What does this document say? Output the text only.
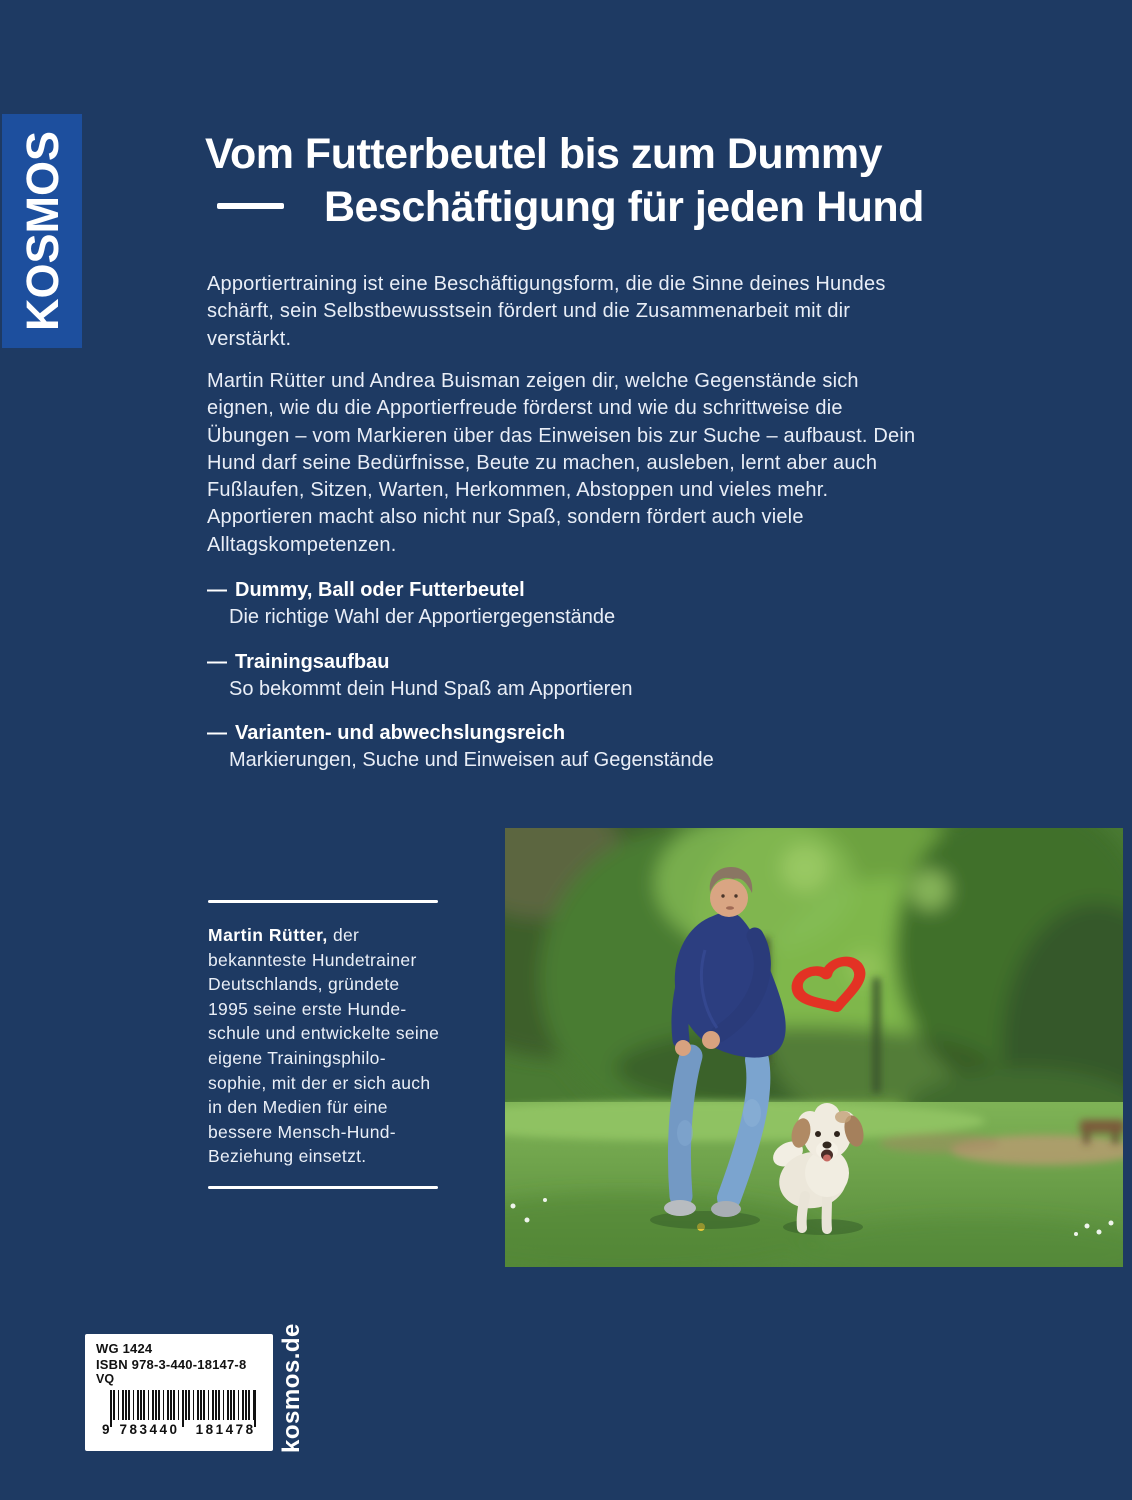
KOSMOS	Vom Futterbeutel bis zum Dummy
Beschäftigung für jeden Hund

Apportiertraining ist eine Beschäftigungsform, die die Sinne deines Hundes schärft, sein Selbstbewusstsein fördert und die Zusammenarbeit mit dir verstärkt.

Martin Rütter und Andrea Buisman zeigen dir, welche Gegenstände sich eignen, wie du die Apportierfreude förderst und wie du schrittweise die Übungen – vom Markieren über das Einweisen bis zur Suche – aufbaust. Dein Hund darf seine Bedürfnisse, Beute zu machen, ausleben, lernt aber auch Fußlaufen, Sitzen, Warten, Herkommen, Abstoppen und vieles mehr. Apportieren macht also nicht nur Spaß, sondern fördert auch viele Alltagskompetenzen.

— Dummy, Ball oder Futterbeutel
Die richtige Wahl der Apportiergegenstände
— Trainingsaufbau
So bekommt dein Hund Spaß am Apportieren
— Varianten- und abwechslungsreich
Markierungen, Suche und Einweisen auf Gegenstände
Martin Rütter, der
bekannteste Hundetrainer
Deutschlands, gründete
1995 seine erste Hunde-
schule und entwickelte seine
eigene Trainingsphilo-
sophie, mit der er sich auch
in den Medien für eine
bessere Mensch-Hund-
Beziehung einsetzt.
WG 1424
ISBN 978-3-440-18147-8
VQ
9 783440 181478 kosmos.de
